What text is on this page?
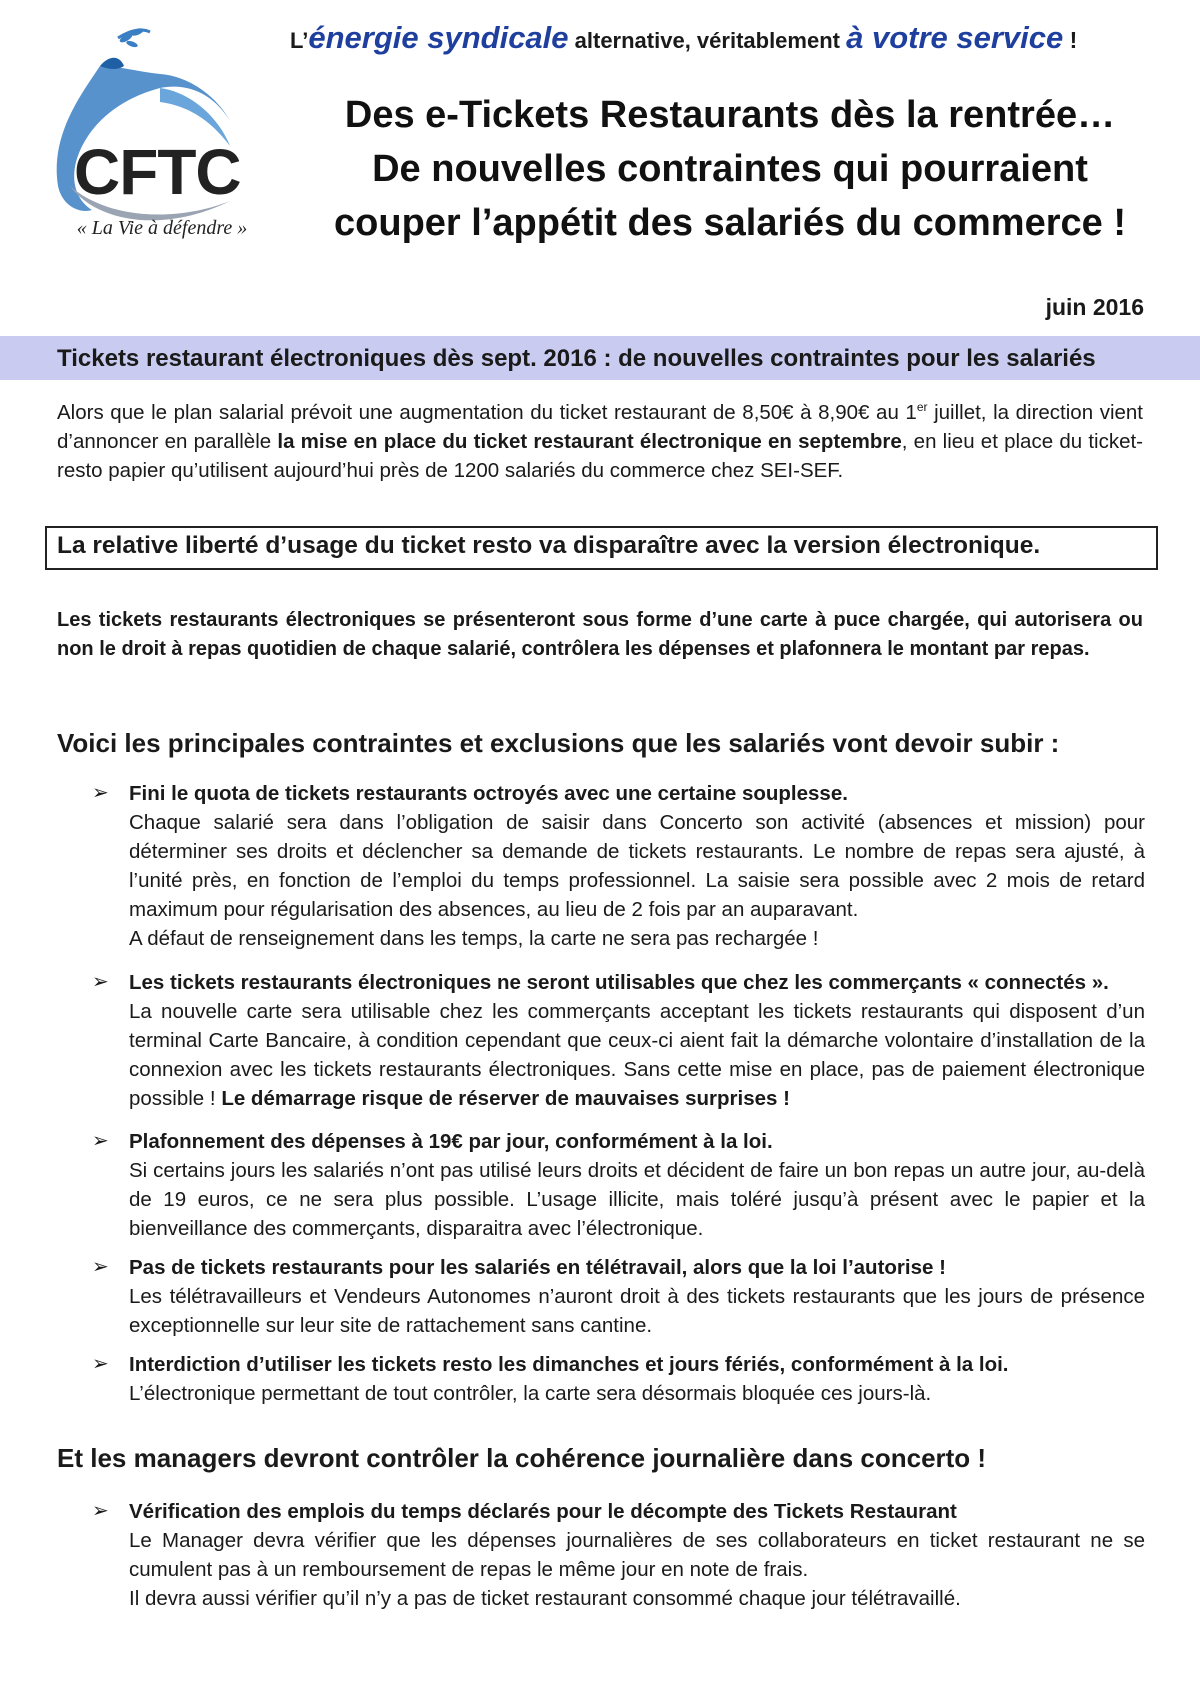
CFTC
« La Vie à défendre »
L’énergie syndicale alternative, véritablement à votre service !
Des e-Tickets Restaurants dès la rentrée…
De nouvelles contraintes qui pourraient
couper l’appétit des salariés du commerce !
juin 2016
Tickets restaurant électroniques dès sept. 2016 : de nouvelles contraintes pour les salariés
Alors que le plan salarial prévoit une augmentation du ticket restaurant de 8,50€ à 8,90€ au 1er juillet, la direction vient d’annoncer en parallèle la mise en place du ticket restaurant électronique en septembre, en lieu et place du ticket-resto papier qu’utilisent aujourd’hui près de 1200 salariés du commerce chez SEI-SEF.
La relative liberté d’usage du ticket resto va disparaître avec la version électronique.
Les tickets restaurants électroniques se présenteront sous forme d’une carte à puce chargée, qui autorisera ou non le droit à repas quotidien de chaque salarié, contrôlera les dépenses et plafonnera le montant par repas.
Voici les principales contraintes et exclusions que les salariés vont devoir subir :
➢ Fini le quota de tickets restaurants octroyés avec une certaine souplesse.
Chaque salarié sera dans l’obligation de saisir dans Concerto son activité (absences et mission) pour déterminer ses droits et déclencher sa demande de tickets restaurants. Le nombre de repas sera ajusté, à l’unité près, en fonction de l’emploi du temps professionnel. La saisie sera possible avec 2 mois de retard maximum pour régularisation des absences, au lieu de 2 fois par an auparavant.
A défaut de renseignement dans les temps, la carte ne sera pas rechargée !
➢ Les tickets restaurants électroniques ne seront utilisables que chez les commerçants « connectés ».
La nouvelle carte sera utilisable chez les commerçants acceptant les tickets restaurants qui disposent d’un terminal Carte Bancaire, à condition cependant que ceux-ci aient fait la démarche volontaire d’installation de la connexion avec les tickets restaurants électroniques. Sans cette mise en place, pas de paiement électronique possible ! Le démarrage risque de réserver de mauvaises surprises !
➢ Plafonnement des dépenses à 19€ par jour, conformément à la loi.
Si certains jours les salariés n’ont pas utilisé leurs droits et décident de faire un bon repas un autre jour, au-delà de 19 euros, ce ne sera plus possible. L’usage illicite, mais toléré jusqu’à présent avec le papier et la bienveillance des commerçants, disparaitra avec l’électronique.
➢ Pas de tickets restaurants pour les salariés en télétravail, alors que la loi l’autorise !
Les télétravailleurs et Vendeurs Autonomes n’auront droit à des tickets restaurants que les jours de présence exceptionnelle sur leur site de rattachement sans cantine.
➢ Interdiction d’utiliser les tickets resto les dimanches et jours fériés, conformément à la loi.
L’électronique permettant de tout contrôler, la carte sera désormais bloquée ces jours-là.
Et les managers devront contrôler la cohérence journalière dans concerto !
➢ Vérification des emplois du temps déclarés pour le décompte des Tickets Restaurant
Le Manager devra vérifier que les dépenses journalières de ses collaborateurs en ticket restaurant ne se cumulent pas à un remboursement de repas le même jour en note de frais.
Il devra aussi vérifier qu’il n’y a pas de ticket restaurant consommé chaque jour télétravaillé.
